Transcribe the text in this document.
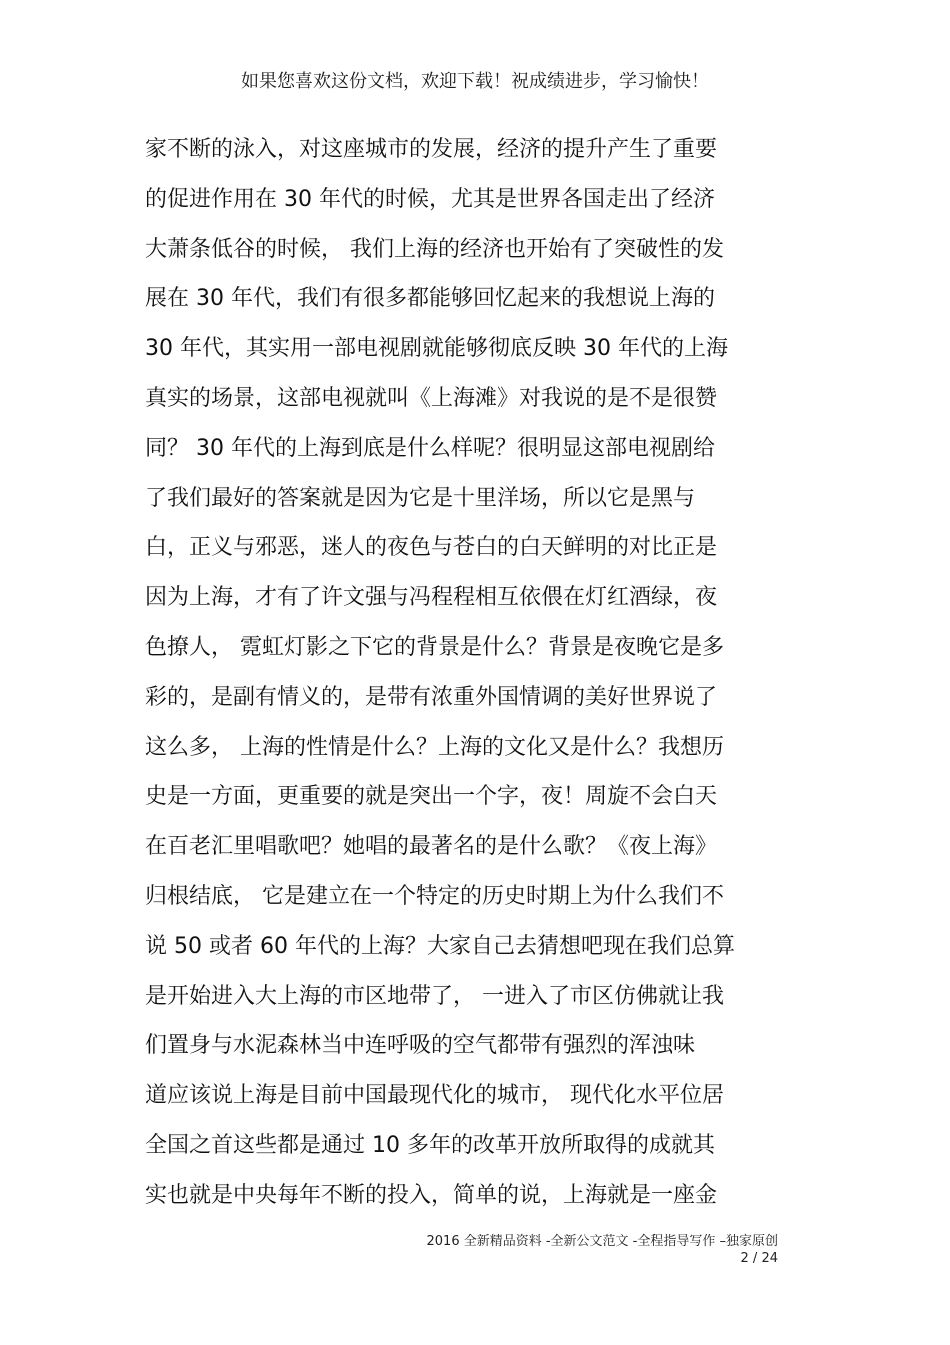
如果您喜欢这份文档，欢迎下载！祝成绩进步，学习愉快！
家不断的泳入，对这座城市的发展，经济的提升产生了重要
的促进作用在 30 年代的时候，尤其是世界各国走出了经济
大萧条低谷的时候， 我们上海的经济也开始有了突破性的发
展在 30 年代，我们有很多都能够回忆起来的我想说上海的
30 年代，其实用一部电视剧就能够彻底反映 30 年代的上海
真实的场景，这部电视就叫《上海滩》对我说的是不是很赞
同？ 30 年代的上海到底是什么样呢？很明显这部电视剧给
了我们最好的答案就是因为它是十里洋场，所以它是黑与
白，正义与邪恶，迷人的夜色与苍白的白天鲜明的对比正是
因为上海，才有了许文强与冯程程相互依偎在灯红酒绿，夜
色撩人， 霓虹灯影之下它的背景是什么？背景是夜晚它是多
彩的，是副有情义的，是带有浓重外国情调的美好世界说了
这么多， 上海的性情是什么？上海的文化又是什么？我想历
史是一方面，更重要的就是突出一个字，夜！周旋不会白天
在百老汇里唱歌吧？她唱的最著名的是什么歌？《夜上海》
归根结底， 它是建立在一个特定的历史时期上为什么我们不
说 50 或者 60 年代的上海？大家自己去猜想吧现在我们总算
是开始进入大上海的市区地带了， 一进入了市区仿佛就让我
们置身与水泥森林当中连呼吸的空气都带有强烈的浑浊味
道应该说上海是目前中国最现代化的城市， 现代化水平位居
全国之首这些都是通过 10 多年的改革开放所取得的成就其
实也就是中央每年不断的投入，简单的说，上海就是一座金
2016 全新精品资料 -全新公文范文 -全程指导写作 –独家原创
2 / 24
